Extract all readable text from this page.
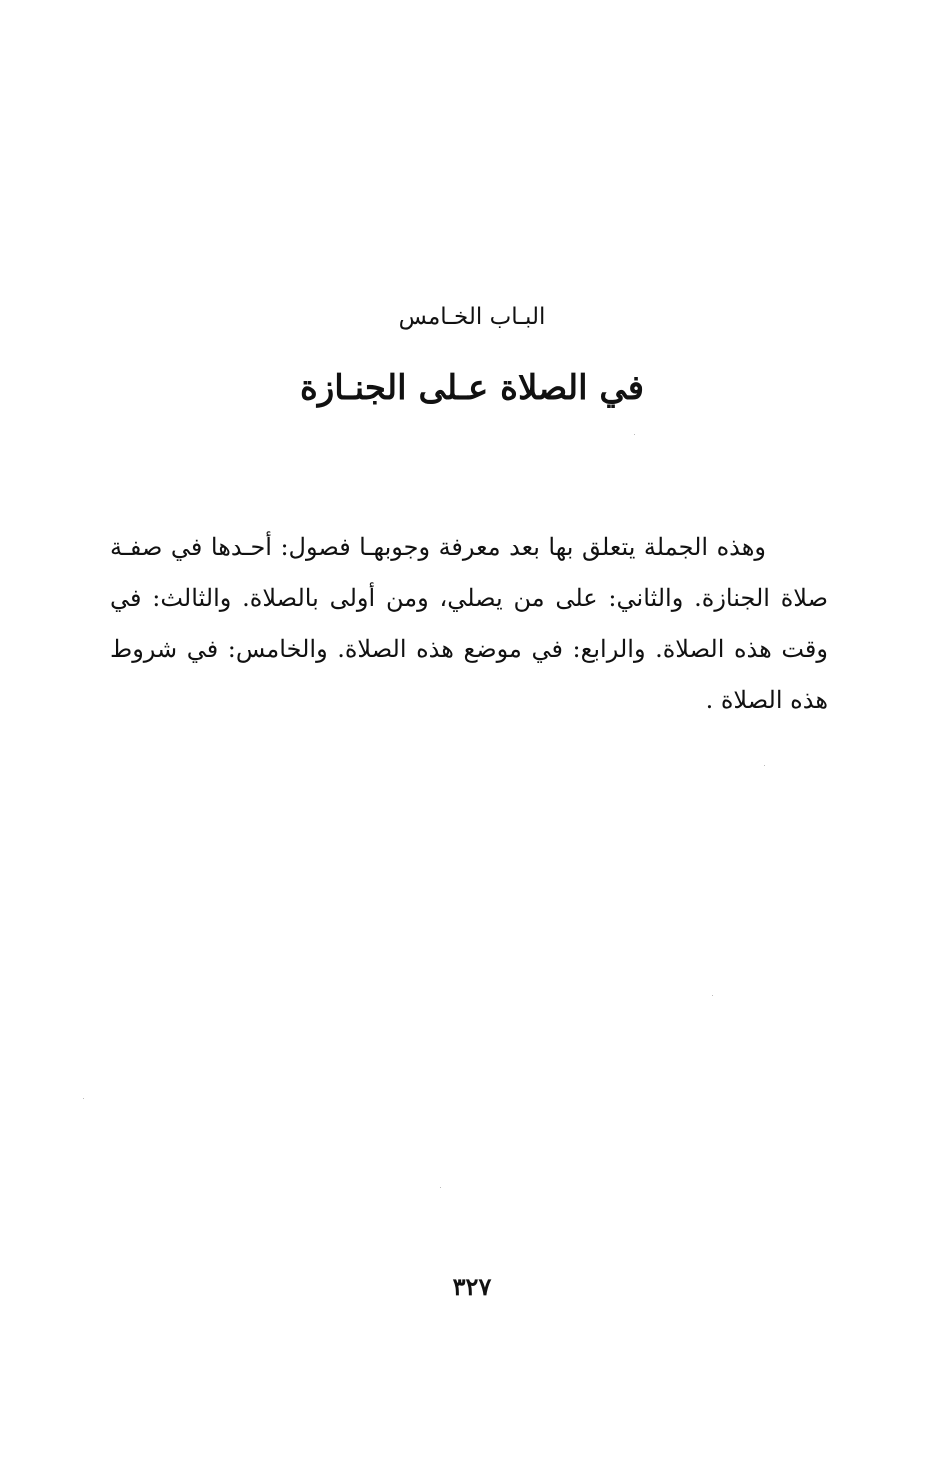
البـاب الخـامس
في الصلاة عـلى الجنـازة
وهذه الجملة يتعلق بها بعد معرفة وجوبهـا فصول: أحـدها في صفـة
صلاة الجنازة. والثاني: على من يصلي، ومن أولى بالصلاة. والثالث: في
وقت هذه الصلاة. والرابع: في موضع هذه الصلاة. والخامس: في شروط
هذه الصلاة .
٣٢٧
